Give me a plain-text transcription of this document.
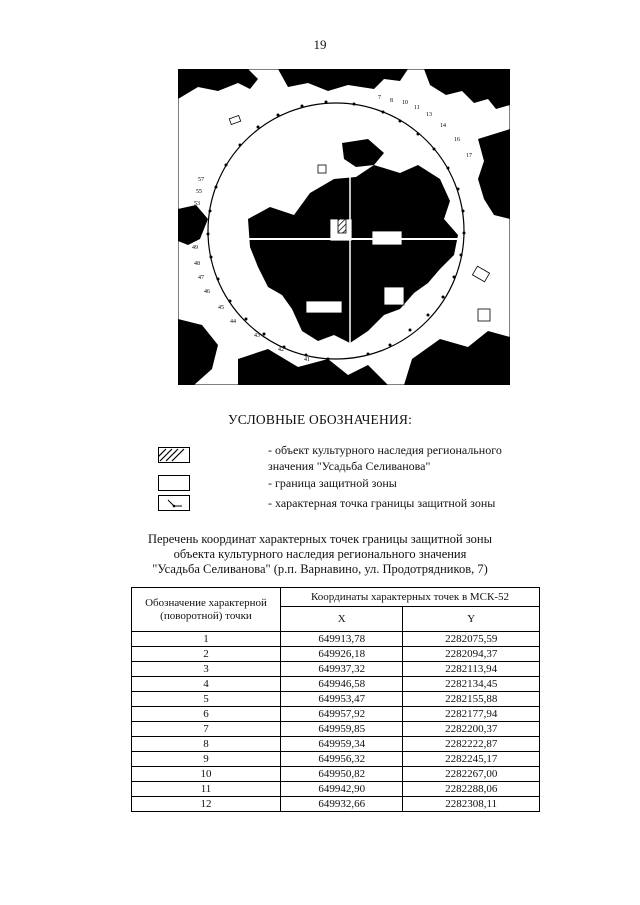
19
7 8 10
11
13
14
16
17
57
55
53
51
50
49
48
47
46
45
44
43
42
41
УСЛОВНЫЕ ОБОЗНАЧЕНИЯ:
- объект культурного наследия регионального значения "Усадьба Селиванова"
- граница защитной зоны
- характерная точка границы защитной зоны
Перечень координат характерных точек границы защитной зоны
объекта культурного наследия регионального значения
"Усадьба Селиванова" (р.п. Варнавино, ул. Продотрядников, 7)
Обозначение характерной (поворотной) точки	Координаты характерных точек в МСК-52	
	X	Y
1	649913,78	2282075,59
2	649926,18	2282094,37
3	649937,32	2282113,94
4	649946,58	2282134,45
5	649953,47	2282155,88
6	649957,92	2282177,94
7	649959,85	2282200,37
8	649959,34	2282222,87
9	649956,32	2282245,17
10	649950,82	2282267,00
11	649942,90	2282288,06
12	649932,66	2282308,11
